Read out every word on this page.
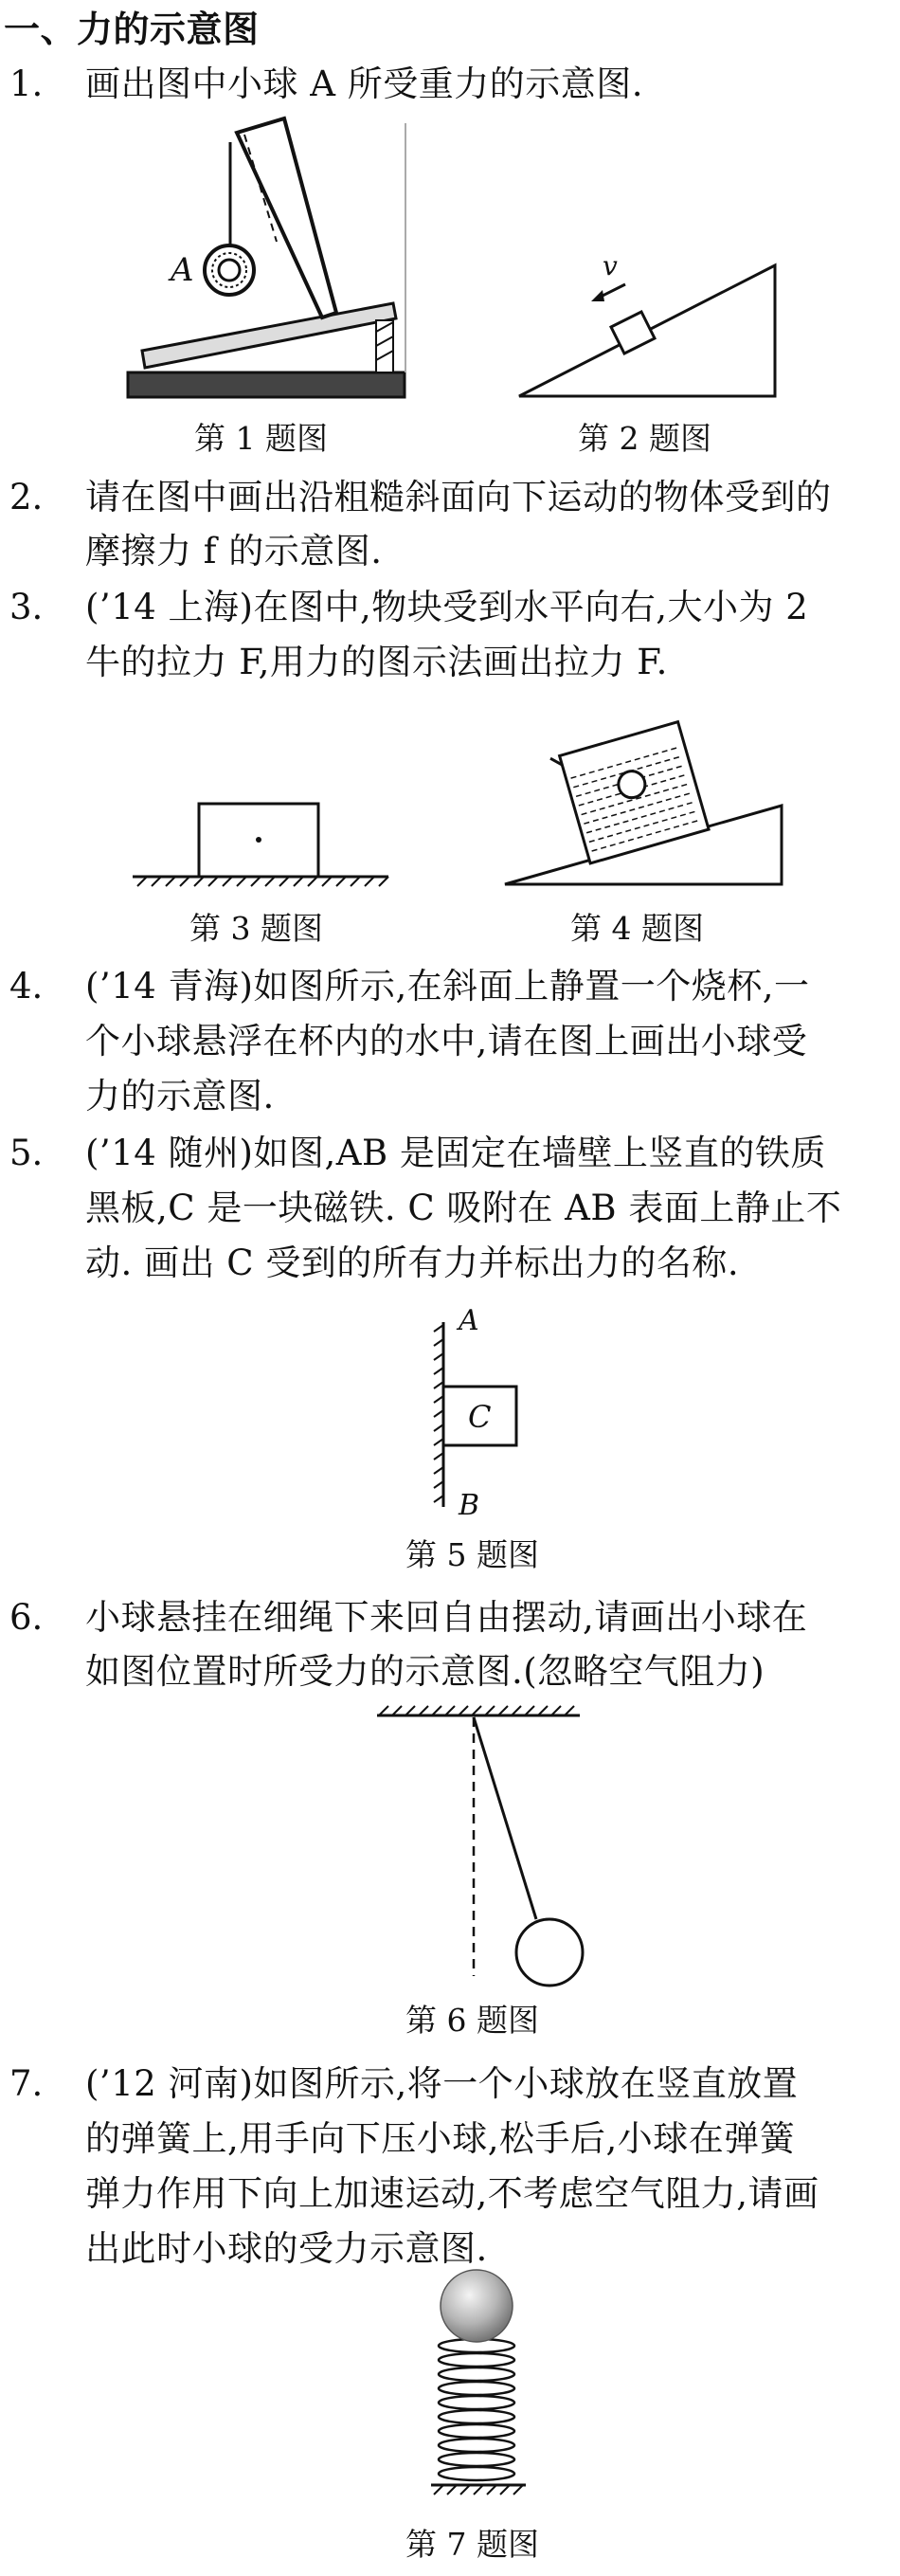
一、力的示意图
1. 画出图中小球 A 所受重力的示意图.
A	v
A
C
B
第 1 题图	第 2 题图
2. 请在图中画出沿粗糙斜面向下运动的物体受到的
摩擦力 f 的示意图.
3. (’14 上海)在图中,物块受到水平向右,大小为 2
牛的拉力 F,用力的图示法画出拉力 F.
第 3 题图	第 4 题图
4. (’14 青海)如图所示,在斜面上静置一个烧杯,一
个小球悬浮在杯内的水中,请在图上画出小球受
力的示意图.
5. (’14 随州)如图,AB 是固定在墙壁上竖直的铁质
黑板,C 是一块磁铁. C 吸附在 AB 表面上静止不
动. 画出 C 受到的所有力并标出力的名称.
第 5 题图
6. 小球悬挂在细绳下来回自由摆动,请画出小球在
如图位置时所受力的示意图.(忽略空气阻力)
第 6 题图
7. (’12 河南)如图所示,将一个小球放在竖直放置
的弹簧上,用手向下压小球,松手后,小球在弹簧
弹力作用下向上加速运动,不考虑空气阻力,请画
出此时小球的受力示意图.
第 7 题图
